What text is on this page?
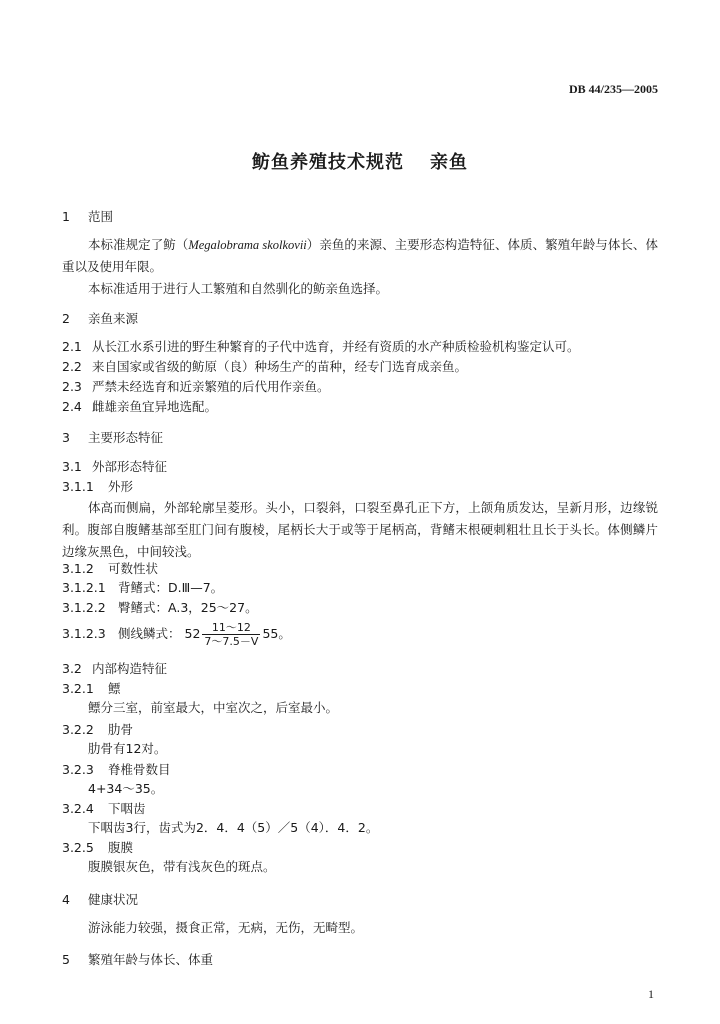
DB 44/235—2005
鲂鱼养殖技术规范 亲鱼
1 范围
本标准规定了鲂（Megalobrama skolkovii）亲鱼的来源、主要形态构造特征、体质、繁殖年龄与体长、体重以及使用年限。
本标准适用于进行人工繁殖和自然驯化的鲂亲鱼选择。
2 亲鱼来源
2.1 从长江水系引进的野生种繁育的子代中选育，并经有资质的水产种质检验机构鉴定认可。
2.2 来自国家或省级的鲂原（良）种场生产的苗种，经专门选育成亲鱼。
2.3 严禁未经选育和近亲繁殖的后代用作亲鱼。
2.4 雌雄亲鱼宜异地选配。
3 主要形态特征
3.1 外部形态特征
3.1.1 外形
体高而侧扁，外部轮廓呈菱形。头小，口裂斜，口裂至鼻孔正下方，上颌角质发达，呈新月形，边缘锐利。腹部自腹鳍基部至肛门间有腹棱，尾柄长大于或等于尾柄高，背鳍末根硬刺粗壮且长于头长。体侧鳞片边缘灰黑色，中间较浅。
3.1.2 可数性状
3.1.2.1 背鳍式：D.Ⅲ—7。
3.1.2.2 臀鳍式：A.3，25～27。
3.1.2.3 侧线鳞式： $52 \frac{11\sim 12}{7\sim 7.5-V} 55$。
3.2 内部构造特征
3.2.1 鳔
鳔分三室，前室最大，中室次之，后室最小。
3.2.2 肋骨
肋骨有12对。
3.2.3 脊椎骨数目
4+34～35。
3.2.4 下咽齿
下咽齿3行，齿式为2．4．4（5）／5（4）．4．2。
3.2.5 腹膜
腹膜银灰色，带有浅灰色的斑点。
4 健康状况
游泳能力较强，摄食正常，无病，无伤，无畸型。
5 繁殖年龄与体长、体重
1
